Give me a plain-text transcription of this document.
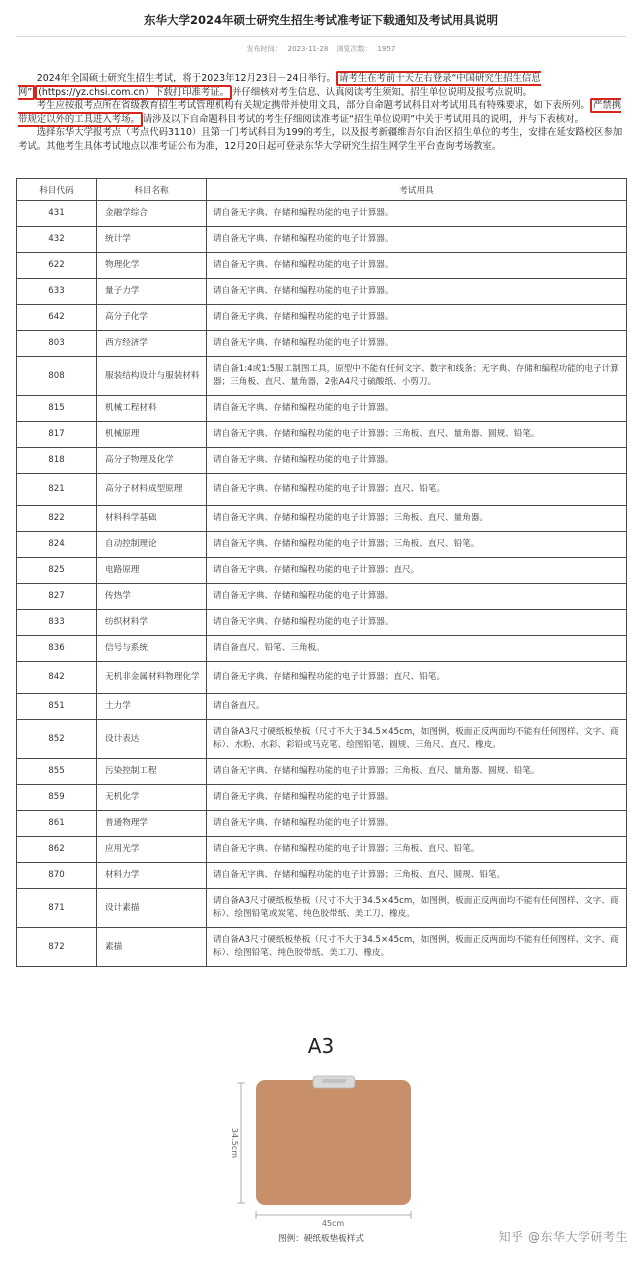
东华大学2024年硕士研究生招生考试准考证下载通知及考试用具说明
发布时间： 2023-11-28 浏览次数： 1957

2024年全国硕士研究生招生考试，将于2023年12月23日－24日举行。 请考生在考前十天左右登录“中国研究生招生信息网” (https://yz.chsi.com.cn）下载打印准考证。 并仔细核对考生信息、认真阅读考生须知、招生单位说明及报考点说明。

考生应按报考点所在省级教育招生考试管理机构有关规定携带并使用文具，部分自命题考试科目对考试用具有特殊要求，如下表所列。 严禁携带规定以外的工具进入考场。 请涉及以下自命题科目考试的考生仔细阅读准考证“招生单位说明”中关于考试用具的说明，并与下表核对。

选择东华大学报考点（考点代码3110）且第一门考试科目为199的考生，以及报考新疆维吾尔自治区招生单位的考生，安排在延安路校区参加考试。其他考生具体考试地点以准考证公布为准，12月20日起可登录东华大学研究生招生网学生平台查询考场教室。

科目代码	科目名称	考试用具
431	金融学综合	请自备无字典、存储和编程功能的电子计算器。
432	统计学	请自备无字典、存储和编程功能的电子计算器。
622	物理化学	请自备无字典、存储和编程功能的电子计算器。
633	量子力学	请自备无字典、存储和编程功能的电子计算器。
642	高分子化学	请自备无字典、存储和编程功能的电子计算器。
803	西方经济学	请自备无字典、存储和编程功能的电子计算器。
808	服装结构设计与服装材料	请自备1:4或1:5服工制图工具，原型中不能有任何文字、数字和线条；无字典、存储和编程功能的电子计算器；三角板、直尺、量角器，2张A4尺寸硫酸纸、小剪刀。
815	机械工程材料	请自备无字典、存储和编程功能的电子计算器。
817	机械原理	请自备无字典、存储和编程功能的电子计算器；三角板、直尺、量角器、圆规、铅笔。
818	高分子物理及化学	请自备无字典、存储和编程功能的电子计算器。
821	高分子材料成型原理	请自备无字典、存储和编程功能的电子计算器；直尺、铅笔。
822	材料科学基础	请自备无字典、存储和编程功能的电子计算器；三角板、直尺、量角器。
824	自动控制理论	请自备无字典、存储和编程功能的电子计算器；三角板、直尺、铅笔。
825	电路原理	请自备无字典、存储和编程功能的电子计算器；直尺。
827	传热学	请自备无字典、存储和编程功能的电子计算器。
833	纺织材料学	请自备无字典、存储和编程功能的电子计算器。
836	信号与系统	请自备直尺、铅笔、三角板。
842	无机非金属材料物理化学	请自备无字典、存储和编程功能的电子计算器；直尺、铅笔。
851	土力学	请自备直尺。
852	设计表达	请自备A3尺寸硬纸板垫板（尺寸不大于34.5×45cm，如图例，板面正反两面均不能有任何图样、文字、商标）、水粉、水彩、彩铅或马克笔、绘图铅笔、圆规、三角尺、直尺、橡皮。
855	污染控制工程	请自备无字典、存储和编程功能的电子计算器；三角板、直尺、量角器、圆规、铅笔。
859	无机化学	请自备无字典、存储和编程功能的电子计算器。
861	普通物理学	请自备无字典、存储和编程功能的电子计算器。
862	应用光学	请自备无字典、存储和编程功能的电子计算器；三角板、直尺、铅笔。
870	材料力学	请自备无字典、存储和编程功能的电子计算器；三角板、直尺、圆规、铅笔。
871	设计素描	请自备A3尺寸硬纸板垫板（尺寸不大于34.5×45cm，如图例，板面正反两面均不能有任何图样、文字、商标）、绘图铅笔或炭笔、纯色胶带纸、美工刀、橡皮。
872	素描	请自备A3尺寸硬纸板垫板（尺寸不大于34.5×45cm，如图例，板面正反两面均不能有任何图样、文字、商标）、绘图铅笔、纯色胶带纸、美工刀、橡皮。
A3
34.5cm
45cm
图例：硬纸板垫板样式	知乎 @东华大学研考生
